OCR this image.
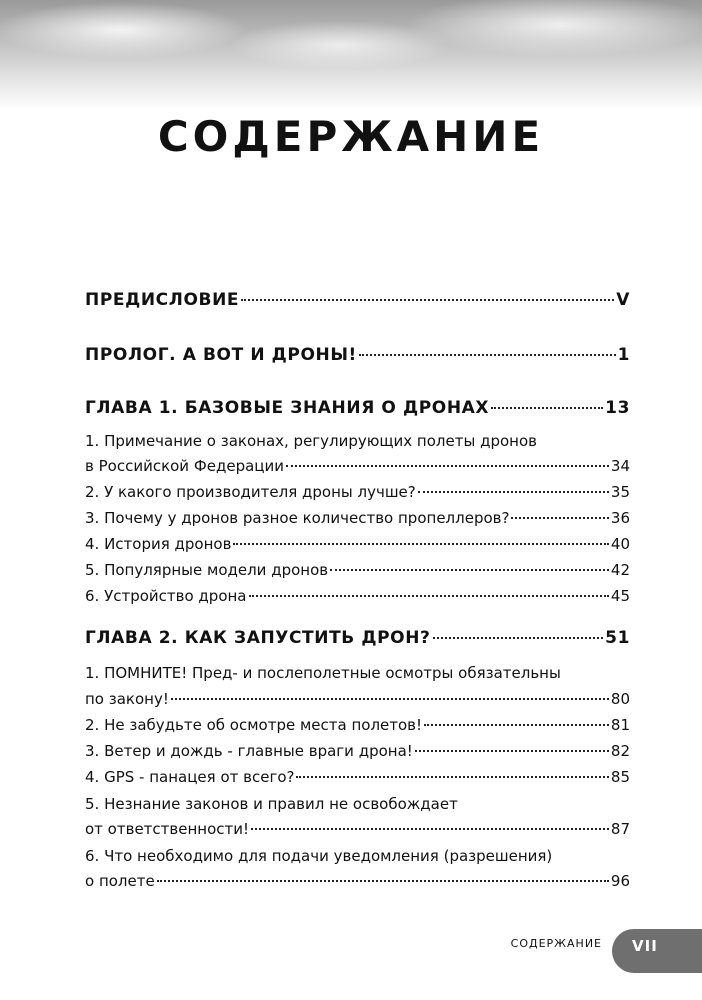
СОДЕРЖАНИЕ
ПРЕДИСЛОВИЕ	V
ПРОЛОГ. А ВОТ И ДРОНЫ!	1
ГЛАВА 1. БАЗОВЫЕ ЗНАНИЯ О ДРОНАХ	13
1. Примечание о законах, регулирующих полеты дронов
в Российской Федерации	34
2. У какого производителя дроны лучше?	35
3. Почему у дронов разное количество пропеллеров?	36
4. История дронов	40
5. Популярные модели дронов	42
6. Устройство дрона	45
ГЛАВА 2. КАК ЗАПУСТИТЬ ДРОН?	51
1. ПОМНИТЕ! Пред- и послеполетные осмотры обязательны
по закону!	80
2. Не забудьте об осмотре места полетов!	81
3. Ветер и дождь - главные враги дрона!	82
4. GPS - панацея от всего?	85
5. Незнание законов и правил не освобождает
от ответственности!	87
6. Что необходимо для подачи уведомления (разрешения)
о полете	96
СОДЕРЖАНИЕ VII
